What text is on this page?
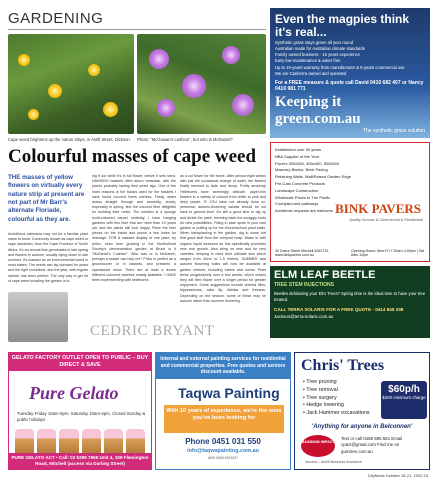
GARDENING
Cape weed brightens up the nature strips, in Antill Street, Dickson. Photo: "McGowan's cushion", but who is McDaniel?
Colourful masses of cape weed
THE masses of yellow flowers on virtually every nature strip at present are not part of Mr Barr's alternate Floriade, colourful as they are.
Arctotheca calendula may not be a familiar plant name to most. Commonly known as cape weed or cape dandelion, from the Cape Province of South Africa, it's an annual that germinates in late spring and flowers in autumn, usually dying down in late summer. It's classed as an environmental weed in most states. The seeds can lay dormant for years and the right conditions, and the year, with regular rainfall, has been perfect. The only way to get rid of cape weed invading the garden is to
dig it out while it's in full flower, before it sets seed. HANGING baskets often adorn verandas, with the plant's probably having died years ago. One of the main reasons is the basics used for the baskets I have found coconut liners useless. Firstly, water drains straight through and secondly, slowly, especially in spring, find the coconut fibre delightful for building their nests. The solution is a sponge multi-coloured carpet underlay. I have hanging gardens with this liner that are more than 10 years old, and the plants still look happy. Place the liner pieces on the inside and punch a few holes for drainage. FOR A massed display of one plant, try phlox, seen here growing in the Horticultural Society's demonstration garden at Bruce is it "McDaniel's Cushion". Who was or is McDaniel, perhaps a reader can help me? Phlox is perfect as a groundcover or in baskets, and presents a spectacular show. There are at least a dozen different coloured varieties readily available. I HAVE been experimenting with hellebores
as a cut flower for the home. After almost eight weeks with just the occasional change of water, the flowers finally seemed to fade and droop. Pretty amazing! Hellebores have seemingly delicate, paper-thin flowers in a variety of colours from white to pink and deep purple. IF YOU have not already done so, perennial, autumn-flowering salvias should be cut back to ground level. It's still a good time to dig up and divide the plant, trimming back the scraggly roots for new possibilities. Filling in bare spots in your own garden or putting up for the church/school plant stalls. When transplanting in the garden, dig in some turf that good stuff from the compost heap. Water in with organic liquid seaweed as this specifically promotes new root growth. Also bring on new root for new varieties, keeping in mind their ultimate size which ranges from 30cm to 1.5 metres. SUMMER and autumn flowering bulbs will now be available at garden centres, including tubers and corms. Plant these progressively over a few weeks, which means they will then flower over a longer period for greater enjoyment. Some suggestions include oriental lilies, hippeastrums, calla lily, dahlias and freesias. Depending on the season, some of these may be autumn rather than summer flowering.
CEDRIC BRYANT
Even the magpies think it's real...
Synthetic grass stays green all year round
Australian made for Australian climate standards
Family owned business - 15 years experience
Easy low maintenance & water free
Up to 15-years warranty from manufacturer & 5-years commercial use
We are Canberra owned and operated
For a FREE measure & quote call David 0410 682 407 or Nancy 0410 981 771
Keeping it green.com.au
The synthetic grass solution
Established over 30 years
NBA Supplier of the Year
Pavers 300x300, 400x400, 500x500
Masonry Blocks, Brick Paving
Retaining Walls, Wall/Raised Garden Edge
Pre-Cast Concrete Products
Landscape Construction
Wholesale Prices to The Public
Courtyard and pathways
Architects requests are welcome BINK PAVERS
Quality Service & Commercial & Residential
40 Dacre Street Mitchell 6262733 www.binkpavers.com.au
Opening Hours: Mon-Fri 7.30am-4.00pm | Sat 8am-12pm
ELM LEAF BEETLE
TREE STEM INJECTIONS
Beetles defoliating your Elm Trees? Spring time is the ideal time to have your tree treated.
CALL TERRA SOLARIS FOR A FREE QUOTE - 0414 845 338
Jackson@terra-solaris.com.au
GELATO FACTORY OUTLET OPEN TO PUBLIC – BUY DIRECT & SAVE
Pure Gelato
Tuesday-Friday 10am-5pm, Saturday 10am-4pm, Closed Sunday & public holidays
PURE GELATO ACT • Call: 02 6299 7995 Unit 4, 109 Flemington Road, Mitchell (access via Darling Street)
Internal and external painting services for residential and commercial properties. Free quotes and seniors discount available.
Taqwa Painting
With 10 years of experience, we're the ones you've been looking for
Phone 0451 031 550
info@taqwapainting.com.au
ABN 58661983527
Chris' Trees
• Tree pruning
• Tree removal
• Tree surgery
• Hedge lowering
• Jack Hammer excavations
$60p/h
$200 minimum charge
'Anything for anyone in Belconnen'
MAXIMUM IMPACT
Text or call 0468 695 561 Email cpact@gmail.com Find me on gumtree.com.au
Insured – AAMI Business Insurance
CityNews October 15-21, 2020 23
